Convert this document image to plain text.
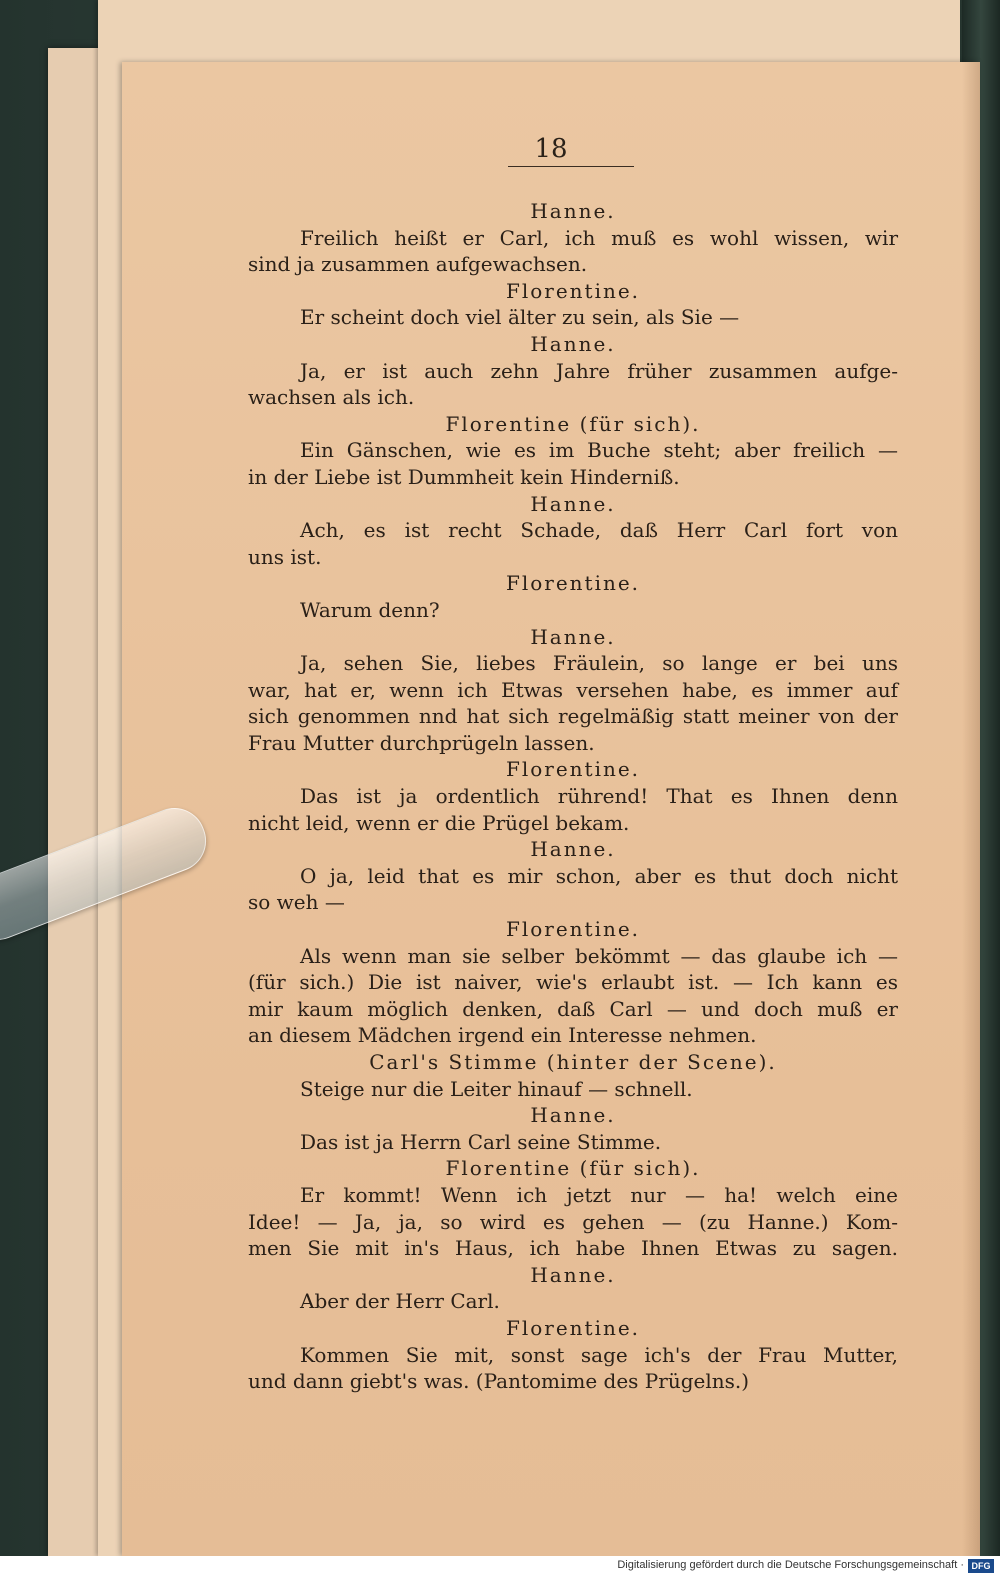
18
Hanne.
Freilich heißt er Carl, ich muß es wohl wissen, wir
sind ja zusammen aufgewachsen.
Florentine.
Er scheint doch viel älter zu sein, als Sie —
Hanne.
Ja, er ist auch zehn Jahre früher zusammen aufge-
wachsen als ich.
Florentine (für sich).
Ein Gänschen, wie es im Buche steht; aber freilich —
in der Liebe ist Dummheit kein Hinderniß.
Hanne.
Ach, es ist recht Schade, daß Herr Carl fort von
uns ist.
Florentine.
Warum denn?
Hanne.
Ja, sehen Sie, liebes Fräulein, so lange er bei uns
war, hat er, wenn ich Etwas versehen habe, es immer auf
sich genommen nnd hat sich regelmäßig statt meiner von der
Frau Mutter durchprügeln lassen.
Florentine.
Das ist ja ordentlich rührend! That es Ihnen denn
nicht leid, wenn er die Prügel bekam.
Hanne.
O ja, leid that es mir schon, aber es thut doch nicht
so weh —
Florentine.
Als wenn man sie selber bekömmt — das glaube ich —
(für sich.) Die ist naiver, wie's erlaubt ist. — Ich kann es
mir kaum möglich denken, daß Carl — und doch muß er
an diesem Mädchen irgend ein Interesse nehmen.
Carl's Stimme (hinter der Scene).
Steige nur die Leiter hinauf — schnell.
Hanne.
Das ist ja Herrn Carl seine Stimme.
Florentine (für sich).
Er kommt! Wenn ich jetzt nur — ha! welch eine
Idee! — Ja, ja, so wird es gehen — (zu Hanne.) Kom-
men Sie mit in's Haus, ich habe Ihnen Etwas zu sagen.
Hanne.
Aber der Herr Carl.
Florentine.
Kommen Sie mit, sonst sage ich's der Frau Mutter,
und dann giebt's was. (Pantomime des Prügelns.)
Digitalisierung gefördert durch die Deutsche Forschungsgemeinschaft · DFG
